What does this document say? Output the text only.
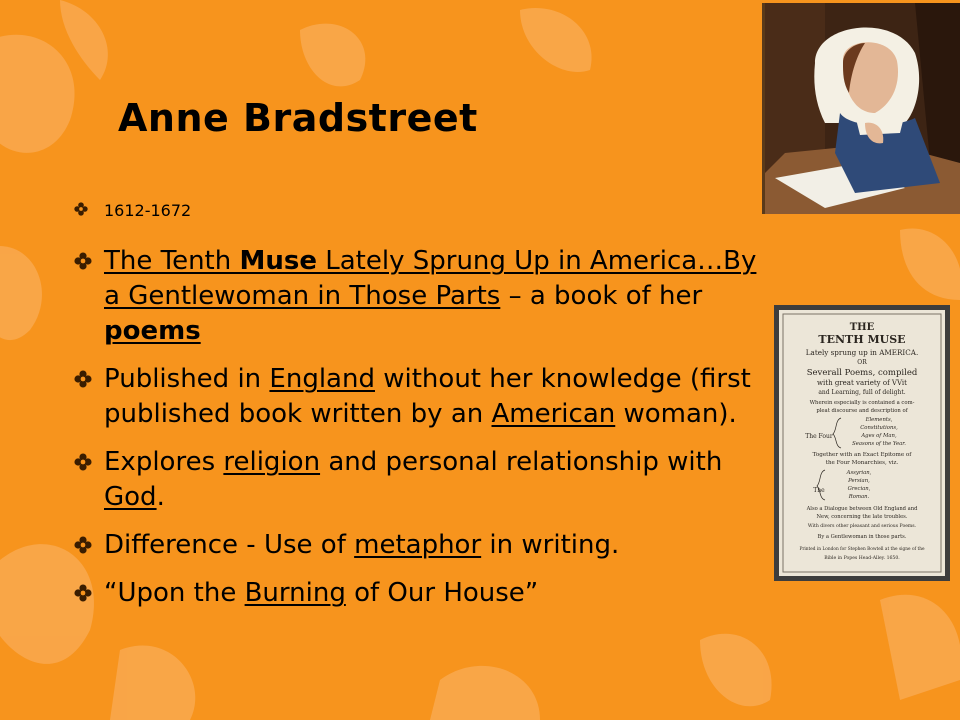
Anne Bradstreet
1612-1672
The Tenth Muse Lately Sprung Up in America…By a Gentlewoman in Those Parts – a book of her poems
Published in England without her knowledge (first published book written by an American woman).
Explores religion and personal relationship with God.
Difference - Use of metaphor in writing.
“Upon the Burning of Our House”
THE
TENTH MUSE
Lately sprung up in AMERICA.
OR
Severall Poems, compiled
with great variety of VVit
and Learning, full of delight.
Wherein especially is contained a com-
pleat discourse and description of
The Four
Elements,
Constitutions,
Ages of Man,
Seasons of the Year.
Together with an Exact Epitome of
the Four Monarchies, viz.
The
Assyrian,
Persian,
Grecian,
Roman.
Also a Dialogue between Old England and
New, concerning the late troubles.
With divers other pleasant and serious Poems.
By a Gentlewoman in those parts.
Printed in London for Stephen Bowtell at the signe of the
Bible in Popes Head-Alley. 1650.
